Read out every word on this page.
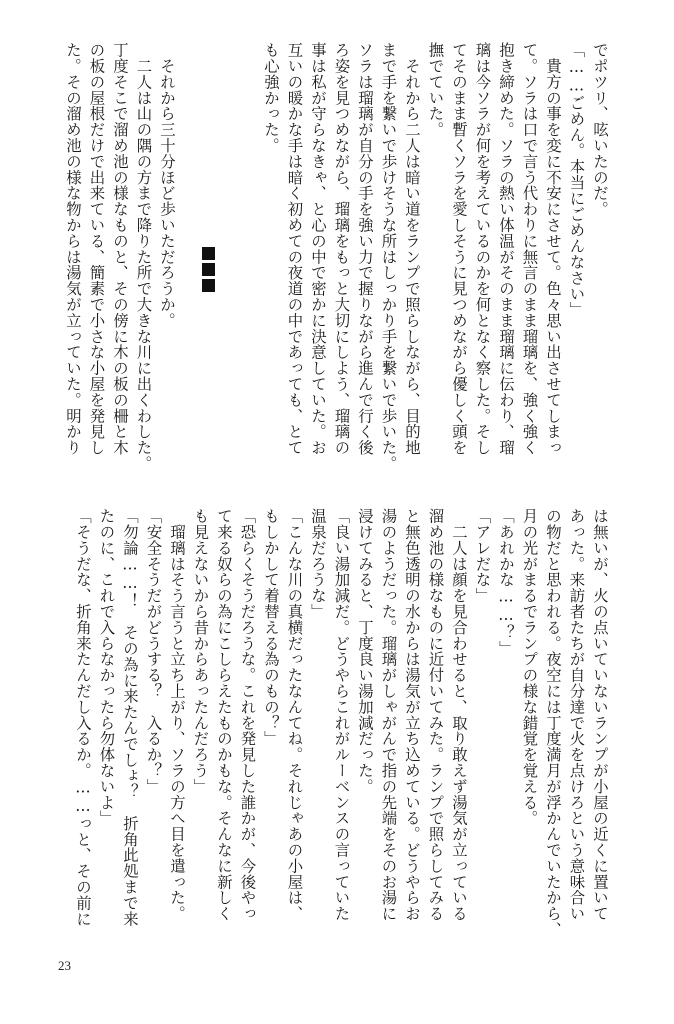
でポツリ、呟いたのだ。
「……ごめん。本当にごめんなさい」
　貴方の事を変に不安にさせて。色々思い出させてしまっ
て。ソラは口で言う代わりに無言のまま瑠璃を、強く強く
抱き締めた。ソラの熱い体温がそのまま瑠璃に伝わり、瑠
璃は今ソラが何を考えているのかを何となく察した。そし
てそのまま暫くソラを愛しそうに見つめながら優しく頭を
撫でていた。
　それから二人は暗い道をランプで照らしながら、目的地
まで手を繋いで歩けそうな所はしっかり手を繋いで歩いた。
ソラは瑠璃が自分の手を強い力で握りながら進んで行く後
ろ姿を見つめながら、瑠璃をもっと大切にしよう、瑠璃の
事は私が守らなきゃ、と心の中で密かに決意していた。お
互いの暖かな手は暗く初めての夜道の中であっても、とて
も心強かった。
　それから三十分ほど歩いただろうか。
　二人は山の隅の方まで降りた所で大きな川に出くわした。
丁度そこで溜め池の様なものと、その傍に木の板の柵と木
の板の屋根だけで出来ている、簡素で小さな小屋を発見し
た。その溜め池の様な物からは湯気が立っていた。明かり
は無いが、火の点いていないランプが小屋の近くに置いて
あった。来訪者たちが自分達で火を点けろという意味合い
の物だと思われる。夜空には丁度満月が浮かんでいたから、
月の光がまるでランプの様な錯覚を覚える。
「あれかな……？」
「アレだな」
　二人は顔を見合わせると、取り敢えず湯気が立っている
溜め池の様なものに近付いてみた。ランプで照らしてみる
と無色透明の水からは湯気が立ち込めている。どうやらお
湯のようだった。瑠璃がしゃがんで指の先端をそのお湯に
浸けてみると、丁度良い湯加減だった。
「良い湯加減だ。どうやらこれがルーベンスの言っていた
温泉だろうな」
「こんな川の真横だったなんてね。それじゃあの小屋は、
もしかして着替える為のもの？」
「恐らくそうだろうな。これを発見した誰かが、今後やっ
て来る奴らの為にこしらえたものかもな。そんなに新しく
も見えないから昔からあったんだろう」
　瑠璃はそう言うと立ち上がり、ソラの方へ目を遣った。
「安全そうだがどうする？　入るか？」
「勿論……！　その為に来たんでしょ？　折角此処まで来
たのに、これで入らなかったら勿体ないよ」
「そうだな、折角来たんだし入るか。……っと、その前に
23
